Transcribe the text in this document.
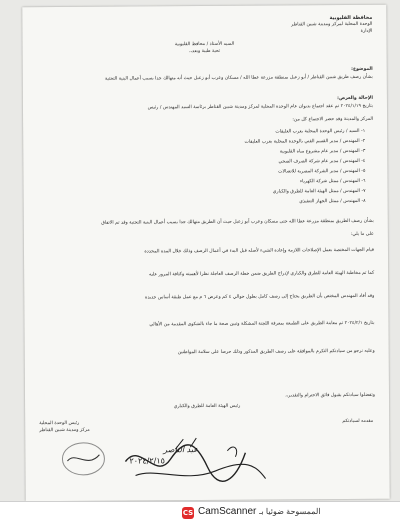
محافظة القليوبية
الوحدة المحلية لمركز ومدينة شبين القناطر
الإدارة
السيد الأستاذ / محافظ القليوبية
تحية طيبة وبعد،،
الموضوع:
بشأن رصف طريق شبين القناطر / أبو زعبل بمنطقة مزرعة عطا الله / مسكان وعرب أبو زعبل حيث أنه متهالك جدا بسبب أعمال البنية التحتية
الإحالة والعرض:
بتاريخ ٢٠٢٤/١/١٩ تم عقد اجتماع بديوان عام الوحدة المحلية لمركز ومدينة شبين القناطر برئاسة السيد المهندس / رئيس
المركز والمدينة وقد حضر الاجتماع كل من:
١- السيد / رئيس الوحدة المحلية بعرب العليقات
٢- المهندس / مدير القسم الفني بالوحدة المحلية بعرب العليقات
٣- المهندس / مدير عام مشروع مياه القليوبية
٤- المهندس / مدير عام شركة الصرف الصحي
٥- المهندس / مدير الشركة المصرية للاتصالات
٦- المهندس / ممثل شركة الكهرباء
٧- المهندس / ممثل الهيئة العامة للطرق والكباري
٨- المهندس / ممثل الجهاز التنفيذي
بشأن رصف الطريق بمنطقة مزرعة عطا الله حتى مسكان وعرب أبو زعبل حيث أن الطريق متهالك جدا بسبب أعمال البنية التحتية وقد تم الاتفاق
على ما يلي:
قيام الجهات المختصة بعمل الإصلاحات اللازمة وإعادة الشيء لأصله قبل البدء في أعمال الرصف وذلك خلال المدة المحددة
كما تم مخاطبة الهيئة العامة للطرق والكباري لإدراج الطريق ضمن خطة الرصف العاجلة نظرا لأهميته وكثافة المرور عليه
وقد أفاد المهندس المختص بأن الطريق يحتاج إلى رصف كامل بطول حوالي ٤ كم وعرض ٦ م مع عمل طبقة أساس جديدة
بتاريخ ٢٠٢٤/٢/١ تم معاينة الطريق على الطبيعة بمعرفة اللجنة المشكلة وتبين صحة ما جاء بالشكوى المقدمة من الأهالي
وعليه نرجو من سيادتكم التكرم بالموافقة على رصف الطريق المذكور وذلك حرصا على سلامة المواطنين
وتفضلوا سيادتكم بقبول فائق الاحترام والتقدير،،
رئيس الهيئة العامة للطرق والكباري
مقدمه لسيادتكم
رئيس الوحدة المحلية
مركز ومدينة شبين القناطر
عبد الناصر
٢٠٢٤/٢/١٥
CS CamScanner الممسوحة ضوئيا بـ
